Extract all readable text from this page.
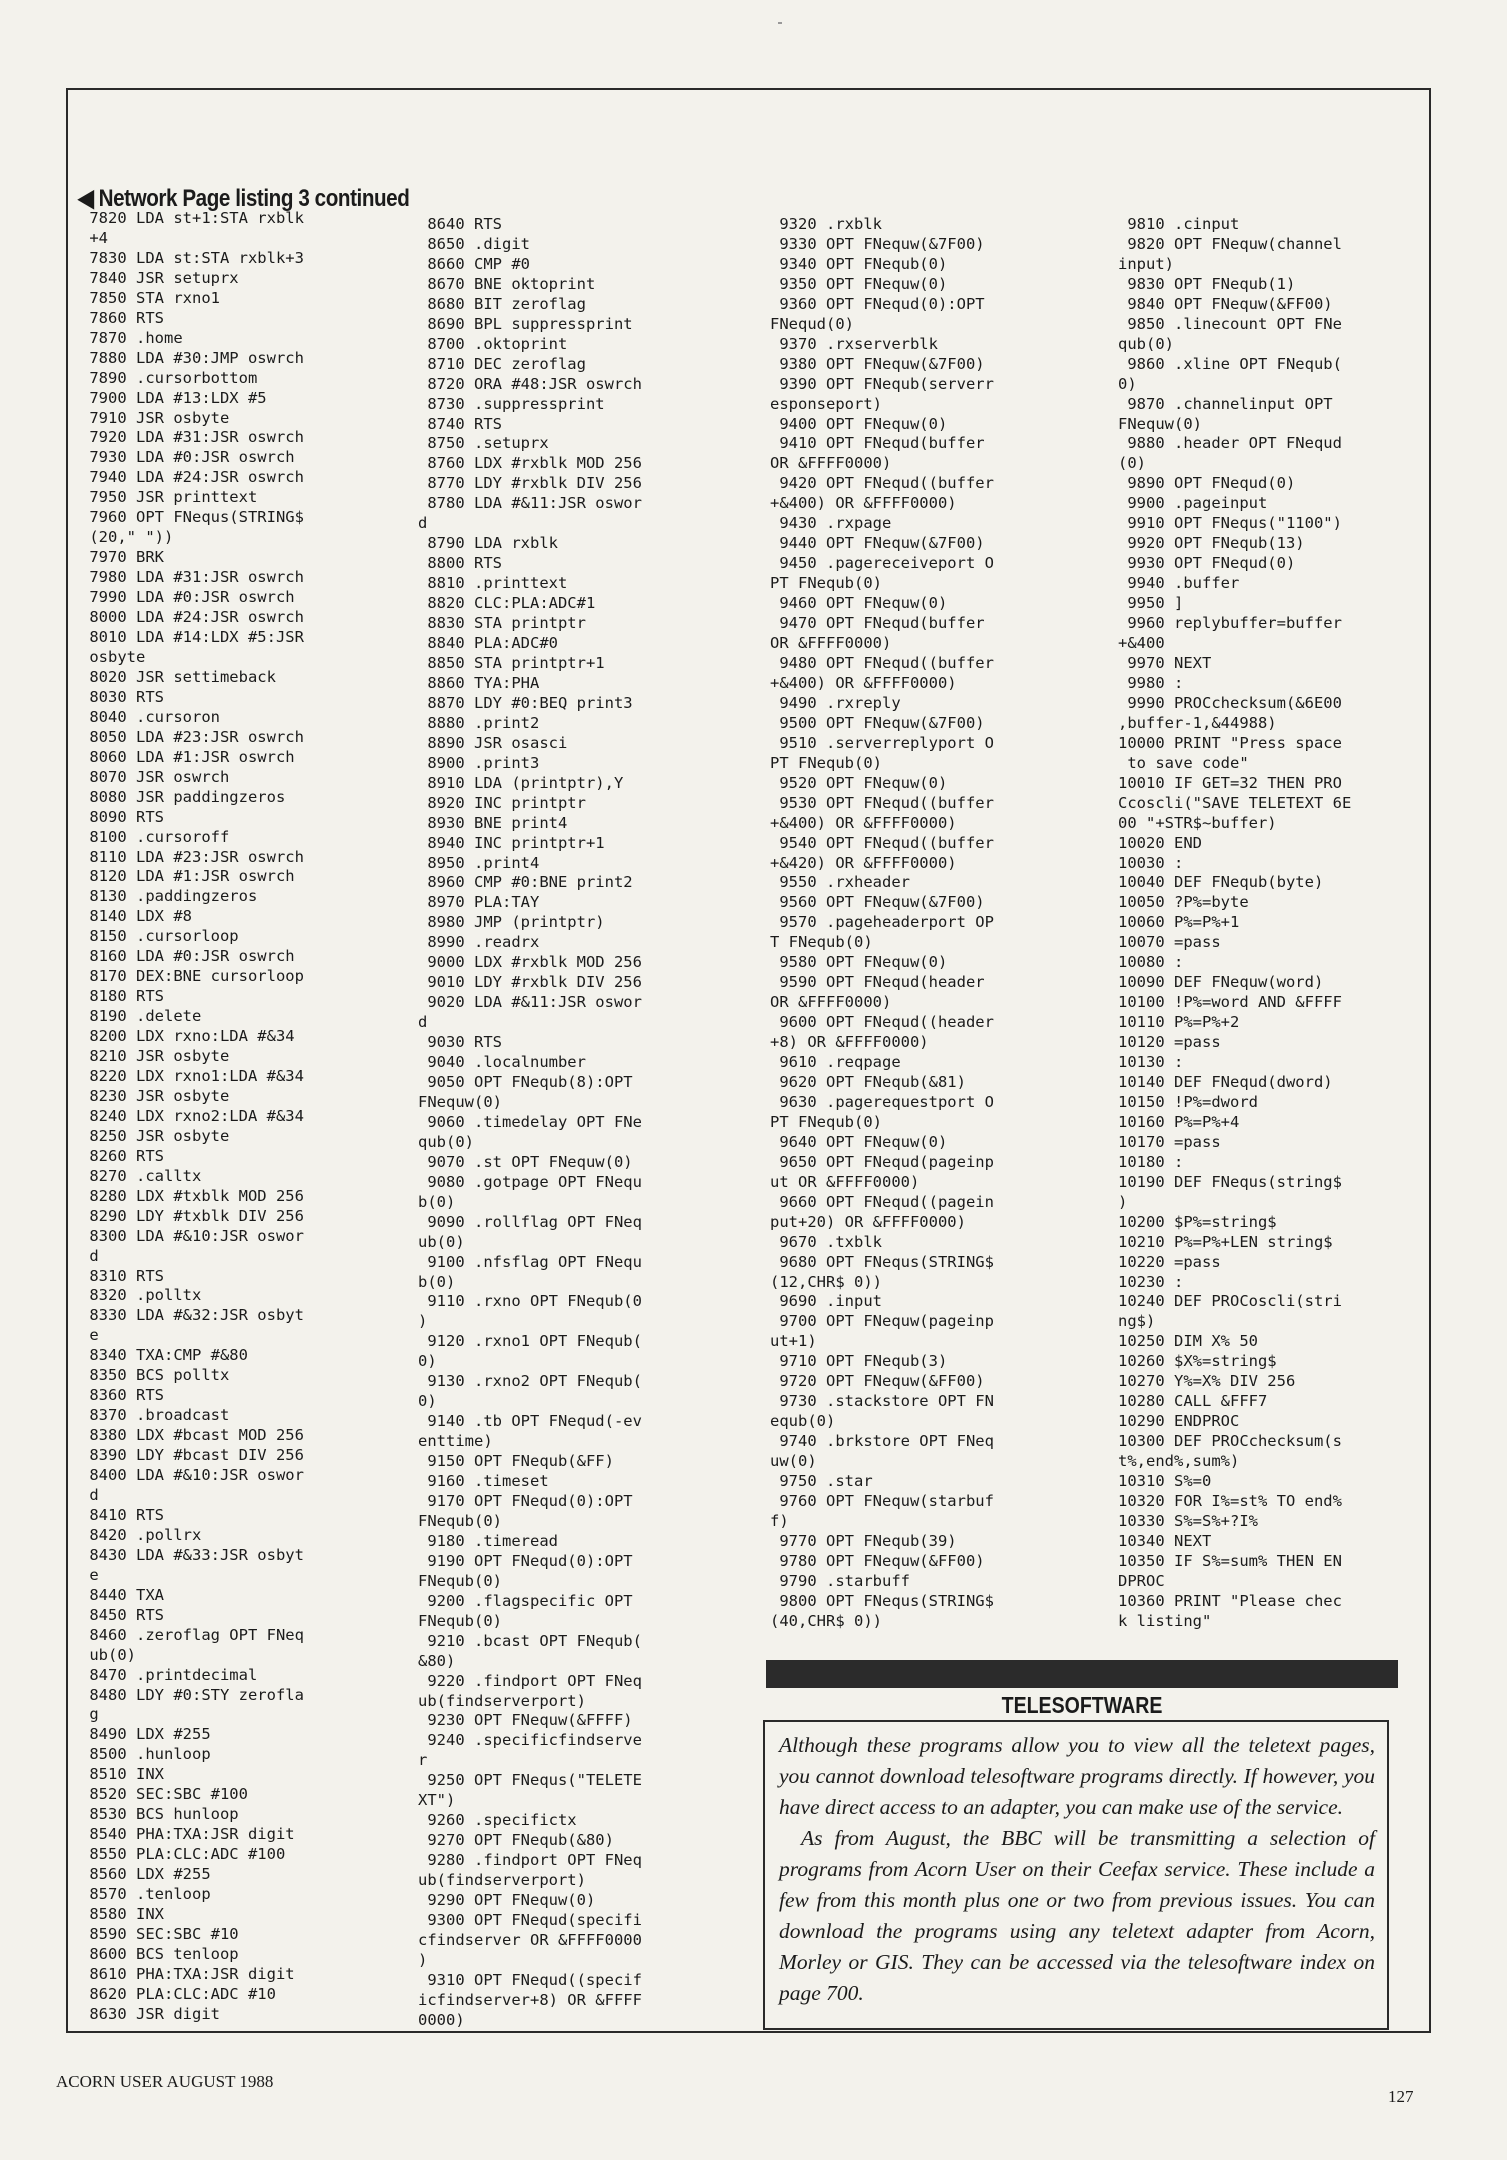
◀ Network Page listing 3 continued
7820 LDA st+1:STA rxblk
+4
7830 LDA st:STA rxblk+3
7840 JSR setuprx
7850 STA rxno1
7860 RTS
7870 .home
7880 LDA #30:JMP oswrch
7890 .cursorbottom
7900 LDA #13:LDX #5
7910 JSR osbyte
7920 LDA #31:JSR oswrch
7930 LDA #0:JSR oswrch
7940 LDA #24:JSR oswrch
7950 JSR printtext
7960 OPT FNequs(STRING$
(20," "))
7970 BRK
7980 LDA #31:JSR oswrch
7990 LDA #0:JSR oswrch
8000 LDA #24:JSR oswrch
8010 LDA #14:LDX #5:JSR
osbyte
8020 JSR settimeback
8030 RTS
8040 .cursoron
8050 LDA #23:JSR oswrch
8060 LDA #1:JSR oswrch
8070 JSR oswrch
8080 JSR paddingzeros
8090 RTS
8100 .cursoroff
8110 LDA #23:JSR oswrch
8120 LDA #1:JSR oswrch
8130 .paddingzeros
8140 LDX #8
8150 .cursorloop
8160 LDA #0:JSR oswrch
8170 DEX:BNE cursorloop
8180 RTS
8190 .delete
8200 LDX rxno:LDA #&34
8210 JSR osbyte
8220 LDX rxno1:LDA #&34
8230 JSR osbyte
8240 LDX rxno2:LDA #&34
8250 JSR osbyte
8260 RTS
8270 .calltx
8280 LDX #txblk MOD 256
8290 LDY #txblk DIV 256
8300 LDA #&10:JSR oswor
d
8310 RTS
8320 .polltx
8330 LDA #&32:JSR osbyt
e
8340 TXA:CMP #&80
8350 BCS polltx
8360 RTS
8370 .broadcast
8380 LDX #bcast MOD 256
8390 LDY #bcast DIV 256
8400 LDA #&10:JSR oswor
d
8410 RTS
8420 .pollrx
8430 LDA #&33:JSR osbyt
e
8440 TXA
8450 RTS
8460 .zeroflag OPT FNeq
ub(0)
8470 .printdecimal
8480 LDY #0:STY zerofla
g
8490 LDX #255
8500 .hunloop
8510 INX
8520 SEC:SBC #100
8530 BCS hunloop
8540 PHA:TXA:JSR digit
8550 PLA:CLC:ADC #100
8560 LDX #255
8570 .tenloop
8580 INX
8590 SEC:SBC #10
8600 BCS tenloop
8610 PHA:TXA:JSR digit
8620 PLA:CLC:ADC #10
8630 JSR digit
8640 RTS
8650 .digit
8660 CMP #0
8670 BNE oktoprint
8680 BIT zeroflag
8690 BPL suppressprint
8700 .oktoprint
8710 DEC zeroflag
8720 ORA #48:JSR oswrch
8730 .suppressprint
8740 RTS
8750 .setuprx
8760 LDX #rxblk MOD 256
8770 LDY #rxblk DIV 256
8780 LDA #&11:JSR oswor
d
8790 LDA rxblk
8800 RTS
8810 .printtext
8820 CLC:PLA:ADC#1
8830 STA printptr
8840 PLA:ADC#0
8850 STA printptr+1
8860 TYA:PHA
8870 LDY #0:BEQ print3
8880 .print2
8890 JSR osasci
8900 .print3
8910 LDA (printptr),Y
8920 INC printptr
8930 BNE print4
8940 INC printptr+1
8950 .print4
8960 CMP #0:BNE print2
8970 PLA:TAY
8980 JMP (printptr)
8990 .readrx
9000 LDX #rxblk MOD 256
9010 LDY #rxblk DIV 256
9020 LDA #&11:JSR oswor
d
9030 RTS
9040 .localnumber
9050 OPT FNequb(8):OPT
FNequw(0)
9060 .timedelay OPT FNe
qub(0)
9070 .st OPT FNequw(0)
9080 .gotpage OPT FNequ
b(0)
9090 .rollflag OPT FNeq
ub(0)
9100 .nfsflag OPT FNequ
b(0)
9110 .rxno OPT FNequb(0
)
9120 .rxno1 OPT FNequb(
0)
9130 .rxno2 OPT FNequb(
0)
9140 .tb OPT FNequd(-ev
enttime)
9150 OPT FNequb(&FF)
9160 .timeset
9170 OPT FNequd(0):OPT
FNequb(0)
9180 .timeread
9190 OPT FNequd(0):OPT
FNequb(0)
9200 .flagspecific OPT
FNequb(0)
9210 .bcast OPT FNequb(
&80)
9220 .findport OPT FNeq
ub(findserverport)
9230 OPT FNequw(&FFFF)
9240 .specificfindserve
r
9250 OPT FNequs("TELETE
XT")
9260 .specifictx
9270 OPT FNequb(&80)
9280 .findport OPT FNeq
ub(findserverport)
9290 OPT FNequw(0)
9300 OPT FNequd(specifi
cfindserver OR &FFFF0000
)
9310 OPT FNequd((specif
icfindserver+8) OR &FFFF
0000)
9320 .rxblk
9330 OPT FNequw(&7F00)
9340 OPT FNequb(0)
9350 OPT FNequw(0)
9360 OPT FNequd(0):OPT
FNequd(0)
9370 .rxserverblk
9380 OPT FNequw(&7F00)
9390 OPT FNequb(serverr
esponseport)
9400 OPT FNequw(0)
9410 OPT FNequd(buffer
OR &FFFF0000)
9420 OPT FNequd((buffer
+&400) OR &FFFF0000)
9430 .rxpage
9440 OPT FNequw(&7F00)
9450 .pagereceiveport O
PT FNequb(0)
9460 OPT FNequw(0)
9470 OPT FNequd(buffer
OR &FFFF0000)
9480 OPT FNequd((buffer
+&400) OR &FFFF0000)
9490 .rxreply
9500 OPT FNequw(&7F00)
9510 .serverreplyport O
PT FNequb(0)
9520 OPT FNequw(0)
9530 OPT FNequd((buffer
+&400) OR &FFFF0000)
9540 OPT FNequd((buffer
+&420) OR &FFFF0000)
9550 .rxheader
9560 OPT FNequw(&7F00)
9570 .pageheaderport OP
T FNequb(0)
9580 OPT FNequw(0)
9590 OPT FNequd(header
OR &FFFF0000)
9600 OPT FNequd((header
+8) OR &FFFF0000)
9610 .reqpage
9620 OPT FNequb(&81)
9630 .pagerequestport O
PT FNequb(0)
9640 OPT FNequw(0)
9650 OPT FNequd(pageinp
ut OR &FFFF0000)
9660 OPT FNequd((pagein
put+20) OR &FFFF0000)
9670 .txblk
9680 OPT FNequs(STRING$
(12,CHR$ 0))
9690 .input
9700 OPT FNequw(pageinp
ut+1)
9710 OPT FNequb(3)
9720 OPT FNequw(&FF00)
9730 .stackstore OPT FN
equb(0)
9740 .brkstore OPT FNeq
uw(0)
9750 .star
9760 OPT FNequw(starbuf
f)
9770 OPT FNequb(39)
9780 OPT FNequw(&FF00)
9790 .starbuff
9800 OPT FNequs(STRING$
(40,CHR$ 0))
9810 .cinput
9820 OPT FNequw(channel
input)
9830 OPT FNequb(1)
9840 OPT FNequw(&FF00)
9850 .linecount OPT FNe
qub(0)
9860 .xline OPT FNequb(
0)
9870 .channelinput OPT
FNequw(0)
9880 .header OPT FNequd
(0)
9890 OPT FNequd(0)
9900 .pageinput
9910 OPT FNequs("1100")
9920 OPT FNequb(13)
9930 OPT FNequd(0)
9940 .buffer
9950 ]
9960 replybuffer=buffer
+&400
9970 NEXT
9980 :
9990 PROCchecksum(&6E00
,buffer-1,&44988)
10000 PRINT "Press space
to save code"
10010 IF GET=32 THEN PRO
Ccoscli("SAVE TELETEXT 6E
00 "+STR$~buffer)
10020 END
10030 :
10040 DEF FNequb(byte)
10050 ?P%=byte
10060 P%=P%+1
10070 =pass
10080 :
10090 DEF FNequw(word)
10100 !P%=word AND &FFFF
10110 P%=P%+2
10120 =pass
10130 :
10140 DEF FNequd(dword)
10150 !P%=dword
10160 P%=P%+4
10170 =pass
10180 :
10190 DEF FNequs(string$
)
10200 $P%=string$
10210 P%=P%+LEN string$
10220 =pass
10230 :
10240 DEF PROCoscli(stri
ng$)
10250 DIM X% 50
10260 $X%=string$
10270 Y%=X% DIV 256
10280 CALL &FFF7
10290 ENDPROC
10300 DEF PROCchecksum(s
t%,end%,sum%)
10310 S%=0
10320 FOR I%=st% TO end%
10330 S%=S%+?I%
10340 NEXT
10350 IF S%=sum% THEN EN
DPROC
10360 PRINT "Please chec
k listing"
TELESOFTWARE

Although these programs allow you to view all the teletext pages, you cannot download telesoftware programs directly. If however, you have direct access to an adapter, you can make use of the service.

As from August, the BBC will be transmitting a selection of programs from Acorn User on their Ceefax service. These include a few from this month plus one or two from previous issues. You can download the programs using any teletext adapter from Acorn, Morley or GIS. They can be accessed via the telesoftware index on page 700.

ACORN USER AUGUST 1988
127
